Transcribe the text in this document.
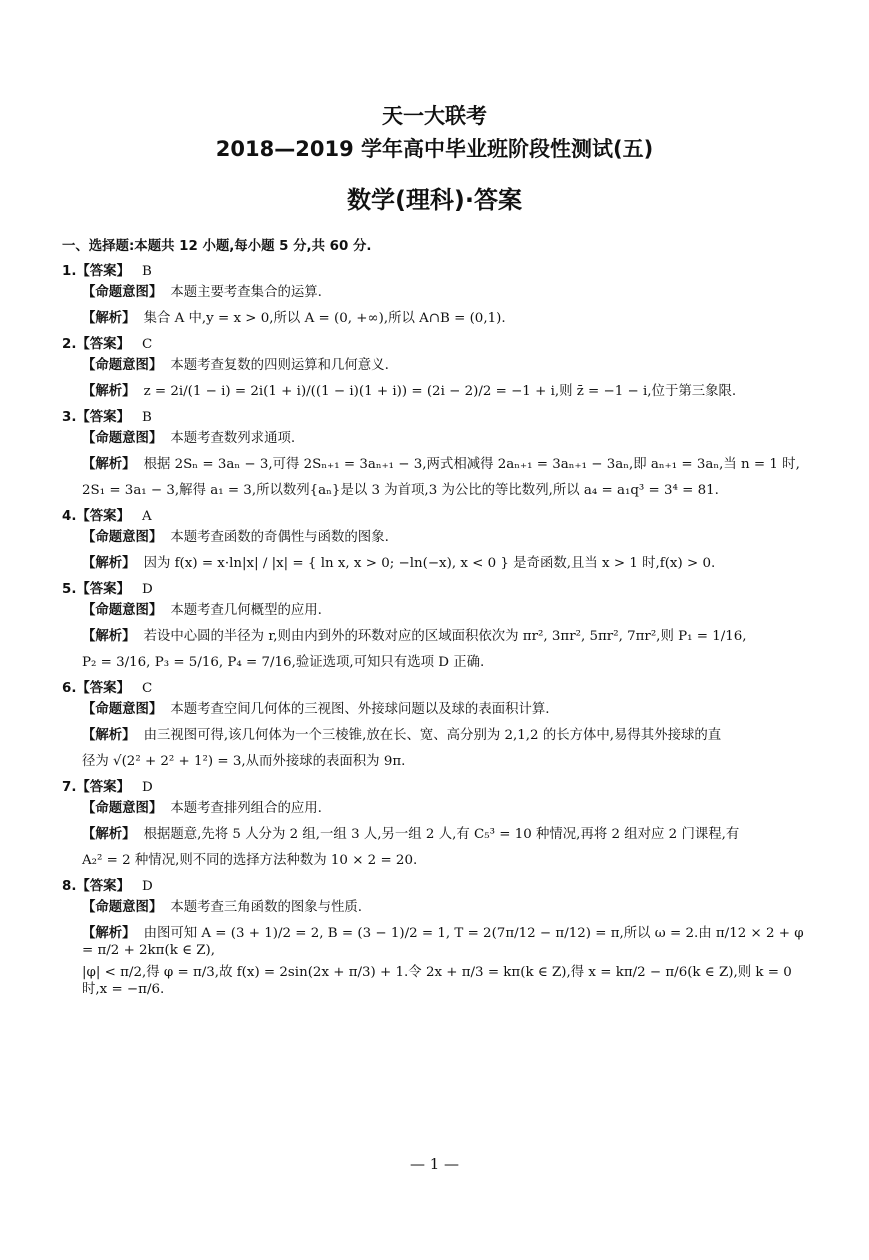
天一大联考
2018—2019 学年高中毕业班阶段性测试(五)
数学(理科)·答案
一、选择题:本题共 12 小题,每小题 5 分,共 60 分.
1.【答案】 B
【命题意图】 本题主要考查集合的运算.
【解析】 集合 A 中,y = x > 0,所以 A = (0, +∞),所以 A∩B = (0,1).
2.【答案】 C
【命题意图】 本题考查复数的四则运算和几何意义.
【解析】 z = 2i/(1 − i) = 2i(1 + i)/((1 − i)(1 + i)) = (2i − 2)/2 = −1 + i,则 z̄ = −1 − i,位于第三象限.
3.【答案】 B
【命题意图】 本题考查数列求通项.
【解析】 根据 2Sₙ = 3aₙ − 3,可得 2Sₙ₊₁ = 3aₙ₊₁ − 3,两式相减得 2aₙ₊₁ = 3aₙ₊₁ − 3aₙ,即 aₙ₊₁ = 3aₙ,当 n = 1 时,
2S₁ = 3a₁ − 3,解得 a₁ = 3,所以数列{aₙ}是以 3 为首项,3 为公比的等比数列,所以 a₄ = a₁q³ = 3⁴ = 81.
4.【答案】 A
【命题意图】 本题考查函数的奇偶性与函数的图象.
【解析】 因为 f(x) = x·ln|x| / |x| = { ln x, x > 0; −ln(−x), x < 0 } 是奇函数,且当 x > 1 时,f(x) > 0.
5.【答案】 D
【命题意图】 本题考查几何概型的应用.
【解析】 若设中心圆的半径为 r,则由内到外的环数对应的区域面积依次为 πr², 3πr², 5πr², 7πr²,则 P₁ = 1/16,
P₂ = 3/16, P₃ = 5/16, P₄ = 7/16,验证选项,可知只有选项 D 正确.
6.【答案】 C
【命题意图】 本题考查空间几何体的三视图、外接球问题以及球的表面积计算.
【解析】 由三视图可得,该几何体为一个三棱锥,放在长、宽、高分别为 2,1,2 的长方体中,易得其外接球的直
径为 √(2² + 2² + 1²) = 3,从而外接球的表面积为 9π.
7.【答案】 D
【命题意图】 本题考查排列组合的应用.
【解析】 根据题意,先将 5 人分为 2 组,一组 3 人,另一组 2 人,有 C₅³ = 10 种情况,再将 2 组对应 2 门课程,有
A₂² = 2 种情况,则不同的选择方法种数为 10 × 2 = 20.
8.【答案】 D
【命题意图】 本题考查三角函数的图象与性质.
【解析】 由图可知 A = (3 + 1)/2 = 2, B = (3 − 1)/2 = 1, T = 2(7π/12 − π/12) = π,所以 ω = 2.由 π/12 × 2 + φ = π/2 + 2kπ(k ∈ Z),
|φ| < π/2,得 φ = π/3,故 f(x) = 2sin(2x + π/3) + 1.令 2x + π/3 = kπ(k ∈ Z),得 x = kπ/2 − π/6(k ∈ Z),则 k = 0 时,x = −π/6.
— 1 —
